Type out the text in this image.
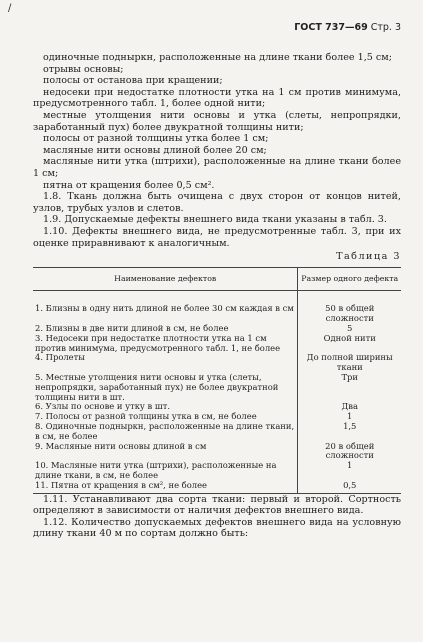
/
ГОСТ 737—69 Стр. 3

одиночные подныркн, расположенные на длине ткани более 1,5 см;

отрывы основы;

полосы от останова при кращении;

недосеки при недостатке плотности утка на 1 см против минимума, предусмотренного табл. 1, более одной нити;

местные утолщения нити основы и утка (слеты, непропрядки, заработанный пух) более двукратной толщины нити;

полосы от разной толщины утка более 1 см;

масляные нити основы длиной более 20 см;

масляные нити утка (штрихи), расположенные на длине ткани более 1 см;

пятна от кращения более 0,5 см².

1.8. Ткань должна быть очищена с двух сторон от концов нитей, узлов, трубых узлов и слетов.

1.9. Допускаемые дефекты внешнего вида ткани указаны в табл. 3.

1.10. Дефекты внешнего вида, не предусмотренные табл. 3, при их оценке приравнивают к аналогичным.

Таблица 3
Наименование дефектов	Размер одного дефекта

1. Близны в одну нить длиной не более 30 см каждая в см	50 в общей сложности
2. Близны в две нити длиной в см, не более	5
3. Недосеки при недостатке плотности утка на 1 см против минимума, предусмотренного табл. 1, не более	Одной нити
4. Пролеты	До полной ширины ткани
5. Местные утолщения нити основы и утка (слеты, непропрядки, заработанный пух) не более двукратной толщины нити в шт.	Три
6. Узлы по основе и утку в шт.	Два
7. Полосы от разной толщины утка в см, не более	1
8. Одиночные подныркн, расположенные на длине ткани, в см, не более	1,5
9. Масляные нити основы длиной в см	20 в общей сложности
10. Масляные нити утка (штрихи), расположенные на длине ткани, в см, не более	1
11. Пятна от кращения в см², не более	0,5

1.11. Устанавливают два сорта ткани: первый и второй. Сортность определяют в зависимости от наличия дефектов внешнего вида.

1.12. Количество допускаемых дефектов внешнего вида на условную длину ткани 40 м по сортам должно быть:
